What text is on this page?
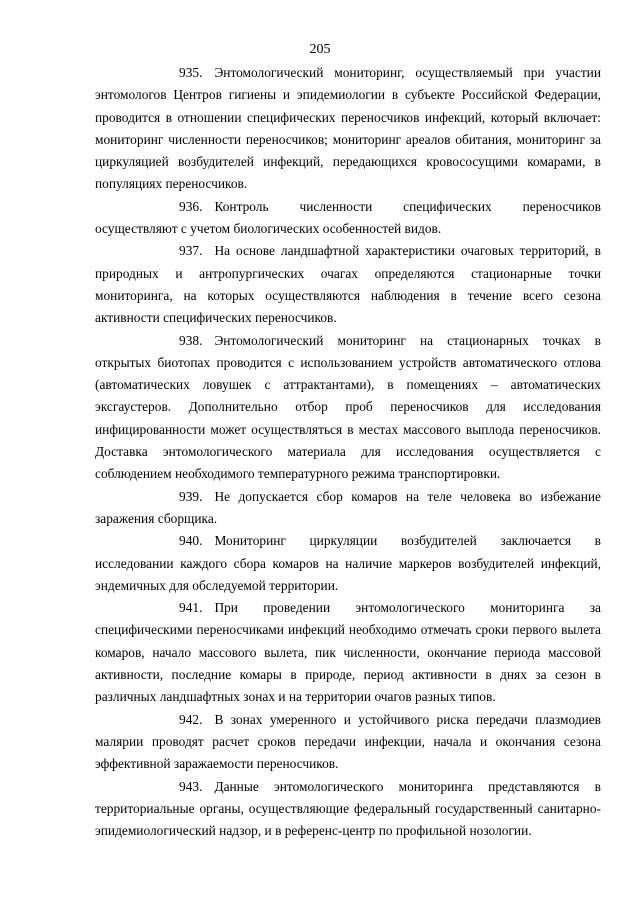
205

935. Энтомологический мониторинг, осуществляемый при участии энтомологов Центров гигиены и эпидемиологии в субъекте Российской Федерации, проводится в отношении специфических переносчиков инфекций, который включает: мониторинг численности переносчиков; мониторинг ареалов обитания, мониторинг за циркуляцией возбудителей инфекций, передающихся кровососущими комарами, в популяциях переносчиков.

936. Контроль численности специфических переносчиков осуществляют с учетом биологических особенностей видов.

937. На основе ландшафтной характеристики очаговых территорий, в природных и антропургических очагах определяются стационарные точки мониторинга, на которых осуществляются наблюдения в течение всего сезона активности специфических переносчиков.

938. Энтомологический мониторинг на стационарных точках в открытых биотопах проводится с использованием устройств автоматического отлова (автоматических ловушек с аттрактантами), в помещениях – автоматических эксгаустеров. Дополнительно отбор проб переносчиков для исследования инфицированности может осуществляться в местах массового выплода переносчиков. Доставка энтомологического материала для исследования осуществляется с соблюдением необходимого температурного режима транспортировки.

939. Не допускается сбор комаров на теле человека во избежание заражения сборщика.

940. Мониторинг циркуляции возбудителей заключается в исследовании каждого сбора комаров на наличие маркеров возбудителей инфекций, эндемичных для обследуемой территории.

941. При проведении энтомологического мониторинга за специфическими переносчиками инфекций необходимо отмечать сроки первого вылета комаров, начало массового вылета, пик численности, окончание периода массовой активности, последние комары в природе, период активности в днях за сезон в различных ландшафтных зонах и на территории очагов разных типов.

942. В зонах умеренного и устойчивого риска передачи плазмодиев малярии проводят расчет сроков передачи инфекции, начала и окончания сезона эффективной заражаемости переносчиков.

943. Данные энтомологического мониторинга представляются в территориальные органы, осуществляющие федеральный государственный санитарно-эпидемиологический надзор, и в референс-центр по профильной нозологии.
